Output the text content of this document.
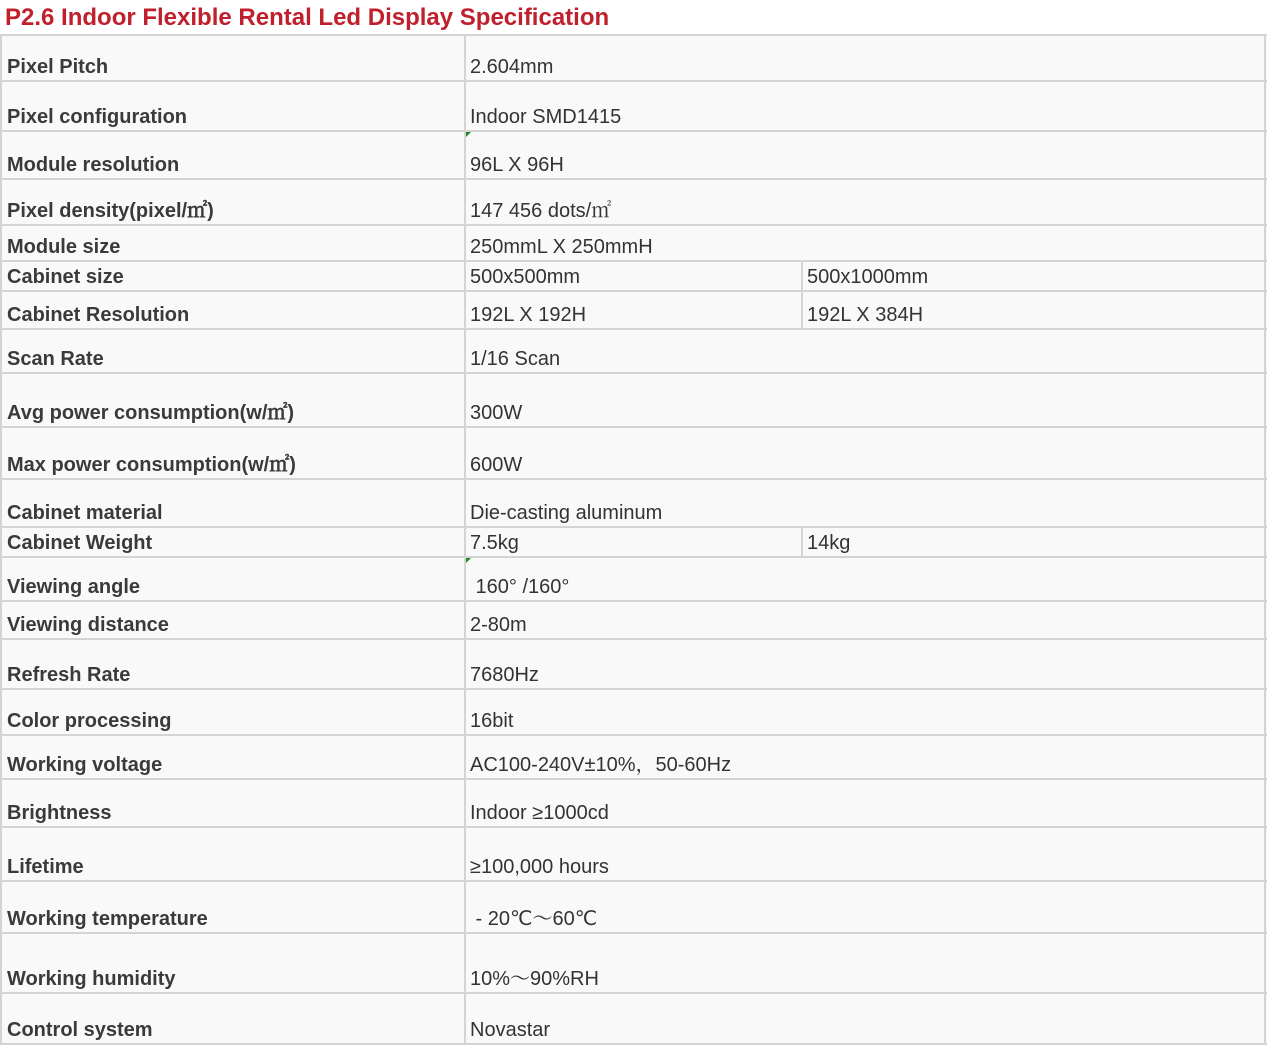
P2.6 Indoor Flexible Rental Led Display Specification
Pixel Pitch	2.604mm
Pixel configuration	Indoor SMD1415
Module resolution	96L X 96H
Pixel density(pixel/㎡)	147 456 dots/㎡
Module size	250mmL X 250mmH
Cabinet size	500x500mm	500x1000mm
Cabinet Resolution	192L X 192H	192L X 384H
Scan Rate	1/16 Scan
Avg power consumption(w/㎡)	300W
Max power consumption(w/㎡)	600W
Cabinet material	Die-casting aluminum
Cabinet Weight	7.5kg	14kg
Viewing angle	160° /160°
Viewing distance	2-80m
Refresh Rate	7680Hz
Color processing	16bit
Working voltage	AC100-240V±10%，50-60Hz
Brightness	Indoor ≥1000cd
Lifetime	≥100,000 hours
Working temperature	- 20℃～60℃
Working humidity	10%～90%RH
Control system	Novastar
